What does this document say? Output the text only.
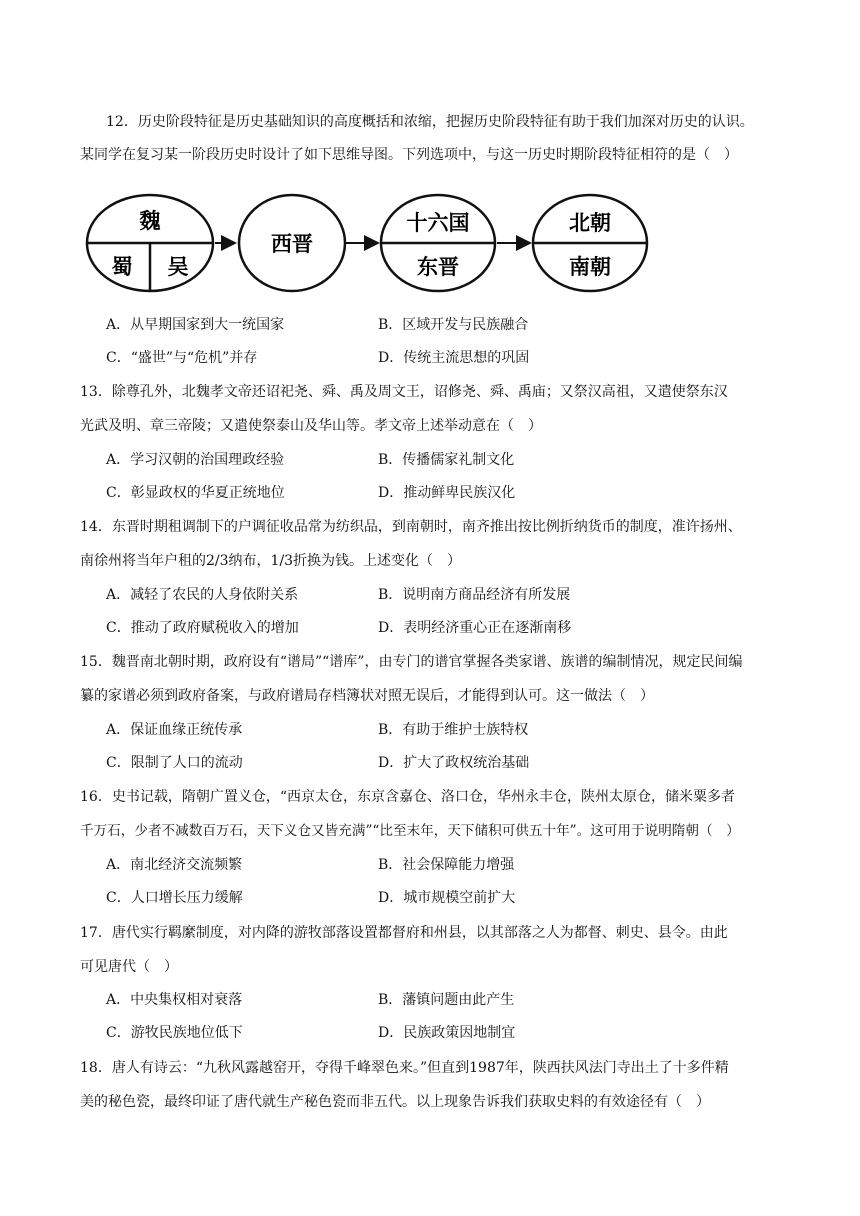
12．历史阶段特征是历史基础知识的高度概括和浓缩，把握历史阶段特征有助于我们加深对历史的认识。
某同学在复习某一阶段历史时设计了如下思维导图。下列选项中，与这一历史时期阶段特征相符的是（　）
魏
蜀 吴
西晋
十六国
东晋
北朝
南朝
A．从早期国家到大一统国家	B．区域开发与民族融合
C．“盛世”与“危机”并存	D．传统主流思想的巩固
13．除尊孔外，北魏孝文帝还诏祀尧、舜、禹及周文王，诏修尧、舜、禹庙；又祭汉高祖，又遣使祭东汉
光武及明、章三帝陵；又遣使祭泰山及华山等。孝文帝上述举动意在（　）
A．学习汉朝的治国理政经验	B．传播儒家礼制文化
C．彰显政权的华夏正统地位	D．推动鲜卑民族汉化
14．东晋时期租调制下的户调征收品常为纺织品，到南朝时，南齐推出按比例折纳货币的制度，准许扬州、
南徐州将当年户租的2/3纳布，1/3折换为钱。上述变化（　）
A．减轻了农民的人身依附关系	B．说明南方商品经济有所发展
C．推动了政府赋税收入的增加	D．表明经济重心正在逐渐南移
15．魏晋南北朝时期，政府设有“谱局”“谱库”，由专门的谱官掌握各类家谱、族谱的编制情况，规定民间编
纂的家谱必须到政府备案，与政府谱局存档簿状对照无误后，才能得到认可。这一做法（　）
A．保证血缘正统传承	B．有助于维护士族特权
C．限制了人口的流动	D．扩大了政权统治基础
16．史书记载，隋朝广置义仓，“西京太仓，东京含嘉仓、洛口仓，华州永丰仓，陕州太原仓，储米粟多者
千万石，少者不减数百万石，天下义仓又皆充满”“比至末年，天下储积可供五十年”。这可用于说明隋朝（　）
A．南北经济交流频繁	B．社会保障能力增强
C．人口增长压力缓解	D．城市规模空前扩大
17．唐代实行羁縻制度，对内降的游牧部落设置都督府和州县，以其部落之人为都督、刺史、县令。由此
可见唐代（　）
A．中央集权相对衰落	B．藩镇问题由此产生
C．游牧民族地位低下	D．民族政策因地制宜
18．唐人有诗云：“九秋风露越窑开，夺得千峰翠色来。”但直到1987年，陕西扶风法门寺出土了十多件精
美的秘色瓷，最终印证了唐代就生产秘色瓷而非五代。以上现象告诉我们获取史料的有效途径有（　）
